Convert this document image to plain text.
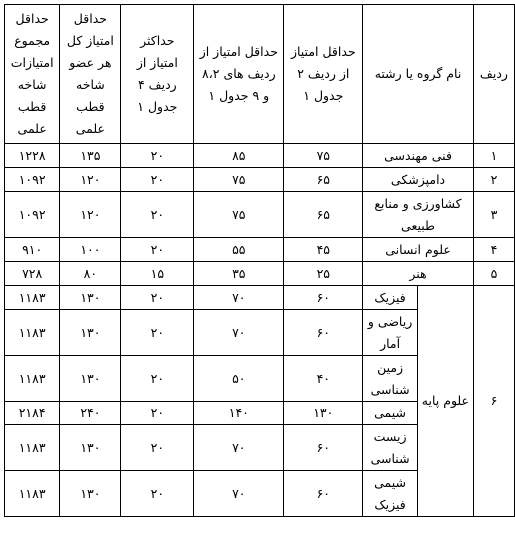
ردیف	نام گروه یا رشته		حداقل امتیاز از ردیف ۲ جدول ۱	حداقل امتیاز از ردیف های ۸،۲ و ۹ جدول ۱	حداکثر امتیاز از ردیف ۴ جدول ۱	حداقل امتیاز کل هر عضو شاخه قطب علمی	حداقل مجموع امتیازات شاخه قطب علمی
۱	فنی مهندسی		۷۵	۸۵	۲۰	۱۳۵	۱۲۲۸
۲	دامپزشکی		۶۵	۷۵	۲۰	۱۲۰	۱۰۹۲
۳	کشاورزی و منابع طبیعی		۶۵	۷۵	۲۰	۱۲۰	۱۰۹۲
۴	علوم انسانی		۴۵	۵۵	۲۰	۱۰۰	۹۱۰
۵	هنر		۲۵	۳۵	۱۵	۸۰	۷۲۸
۶	علوم پایه	فیزیک	۶۰	۷۰	۲۰	۱۳۰	۱۱۸۳
		ریاضی و آمار	۶۰	۷۰	۲۰	۱۳۰	۱۱۸۳
		زمین شناسی	۴۰	۵۰	۲۰	۱۳۰	۱۱۸۳
		شیمی	۱۳۰	۱۴۰	۲۰	۲۴۰	۲۱۸۴
		زیست شناسی	۶۰	۷۰	۲۰	۱۳۰	۱۱۸۳
		شیمی فیزیک	۶۰	۷۰	۲۰	۱۳۰	۱۱۸۳
